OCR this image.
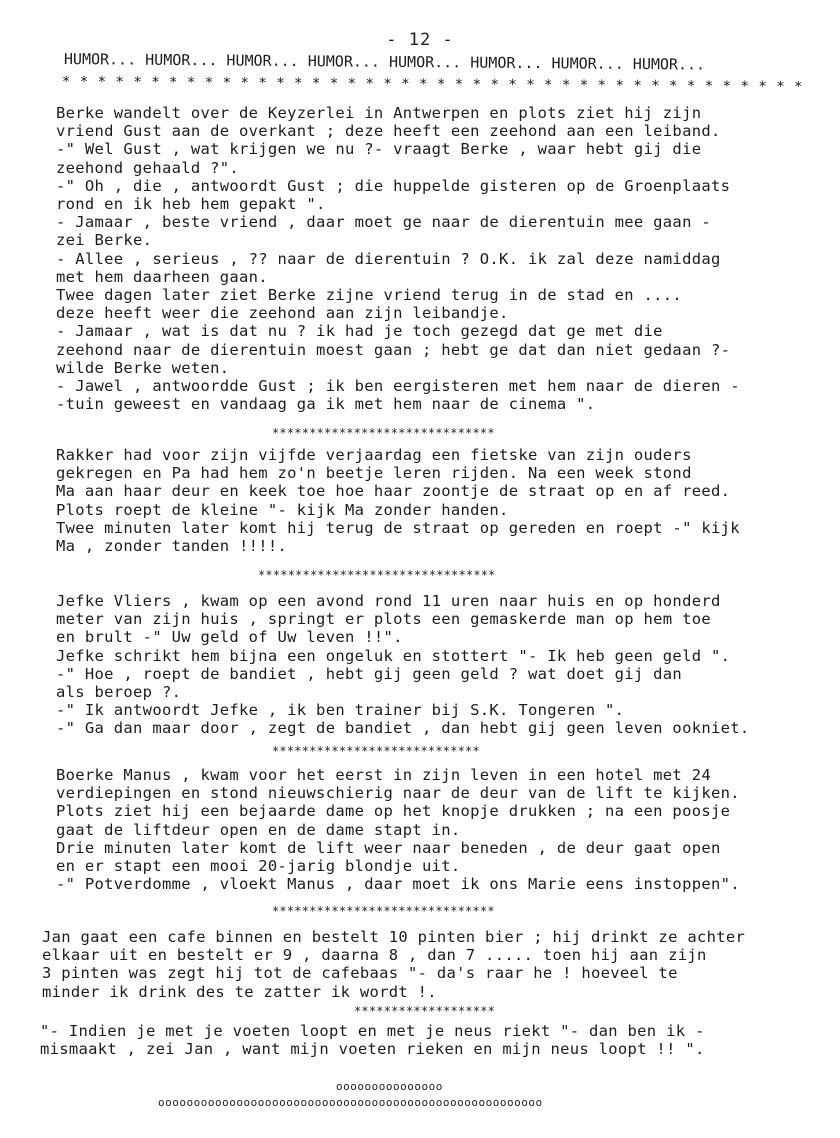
- 12 -
HUMOR... HUMOR... HUMOR... HUMOR... HUMOR... HUMOR... HUMOR... HUMOR...
* * * * * * * * * * * * * * * * * * * * * * * * * * * * * * * * * * * * * * * * * *
Berke wandelt over de Keyzerlei in Antwerpen en plots ziet hij zijn
vriend Gust aan de overkant ; deze heeft een zeehond aan een leiband.
-" Wel Gust , wat krijgen we nu ?- vraagt Berke , waar hebt gij die
zeehond gehaald ?".
-" Oh , die , antwoordt Gust ; die huppelde gisteren op de Groenplaats
rond en ik heb hem gepakt ".
- Jamaar , beste vriend , daar moet ge naar de dierentuin mee gaan -
zei Berke.
- Allee , serieus , ?? naar de dierentuin ? O.K. ik zal deze namiddag
met hem daarheen gaan.
Twee dagen later ziet Berke zijne vriend terug in de stad en ....
deze heeft weer die zeehond aan zijn leibandje.
- Jamaar , wat is dat nu ? ik had je toch gezegd dat ge met die
zeehond naar de dierentuin moest gaan ; hebt ge dat dan niet gedaan ?-
wilde Berke weten.
- Jawel , antwoordde Gust ; ik ben eergisteren met hem naar de dieren -
-tuin geweest en vandaag ga ik met hem naar de cinema ".
******************************
Rakker had voor zijn vijfde verjaardag een fietske van zijn ouders
gekregen en Pa had hem zo'n beetje leren rijden. Na een week stond
Ma aan haar deur en keek toe hoe haar zoontje de straat op en af reed.
Plots roept de kleine "- kijk Ma zonder handen.
Twee minuten later komt hij terug de straat op gereden en roept -" kijk
Ma , zonder tanden !!!!.
********************************
Jefke Vliers , kwam op een avond rond 11 uren naar huis en op honderd
meter van zijn huis , springt er plots een gemaskerde man op hem toe
en brult -" Uw geld of Uw leven !!".
Jefke schrikt hem bijna een ongeluk en stottert "- Ik heb geen geld ".
-" Hoe , roept de bandiet , hebt gij geen geld ? wat doet gij dan
als beroep ?.
-" Ik antwoordt Jefke , ik ben trainer bij S.K. Tongeren ".
-" Ga dan maar door , zegt de bandiet , dan hebt gij geen leven ookniet.
****************************
Boerke Manus , kwam voor het eerst in zijn leven in een hotel met 24
verdiepingen en stond nieuwschierig naar de deur van de lift te kijken.
Plots ziet hij een bejaarde dame op het knopje drukken ; na een poosje
gaat de liftdeur open en de dame stapt in.
Drie minuten later komt de lift weer naar beneden , de deur gaat open
en er stapt een mooi 20-jarig blondje uit.
-" Potverdomme , vloekt Manus , daar moet ik ons Marie eens instoppen".
******************************
Jan gaat een cafe binnen en bestelt 10 pinten bier ; hij drinkt ze achter
elkaar uit en bestelt er 9 , daarna 8 , dan 7 ..... toen hij aan zijn
3 pinten was zegt hij tot de cafebaas "- da's raar he ! hoeveel te
minder ik drink des te zatter ik wordt !.
*******************
"- Indien je met je voeten loopt en met je neus riekt "- dan ben ik -
mismaakt , zei Jan , want mijn voeten rieken en mijn neus loopt !! ".
ooooooooooooooo
oooooooooooooooooooooooooooooooooooooooooooooooooooooo
